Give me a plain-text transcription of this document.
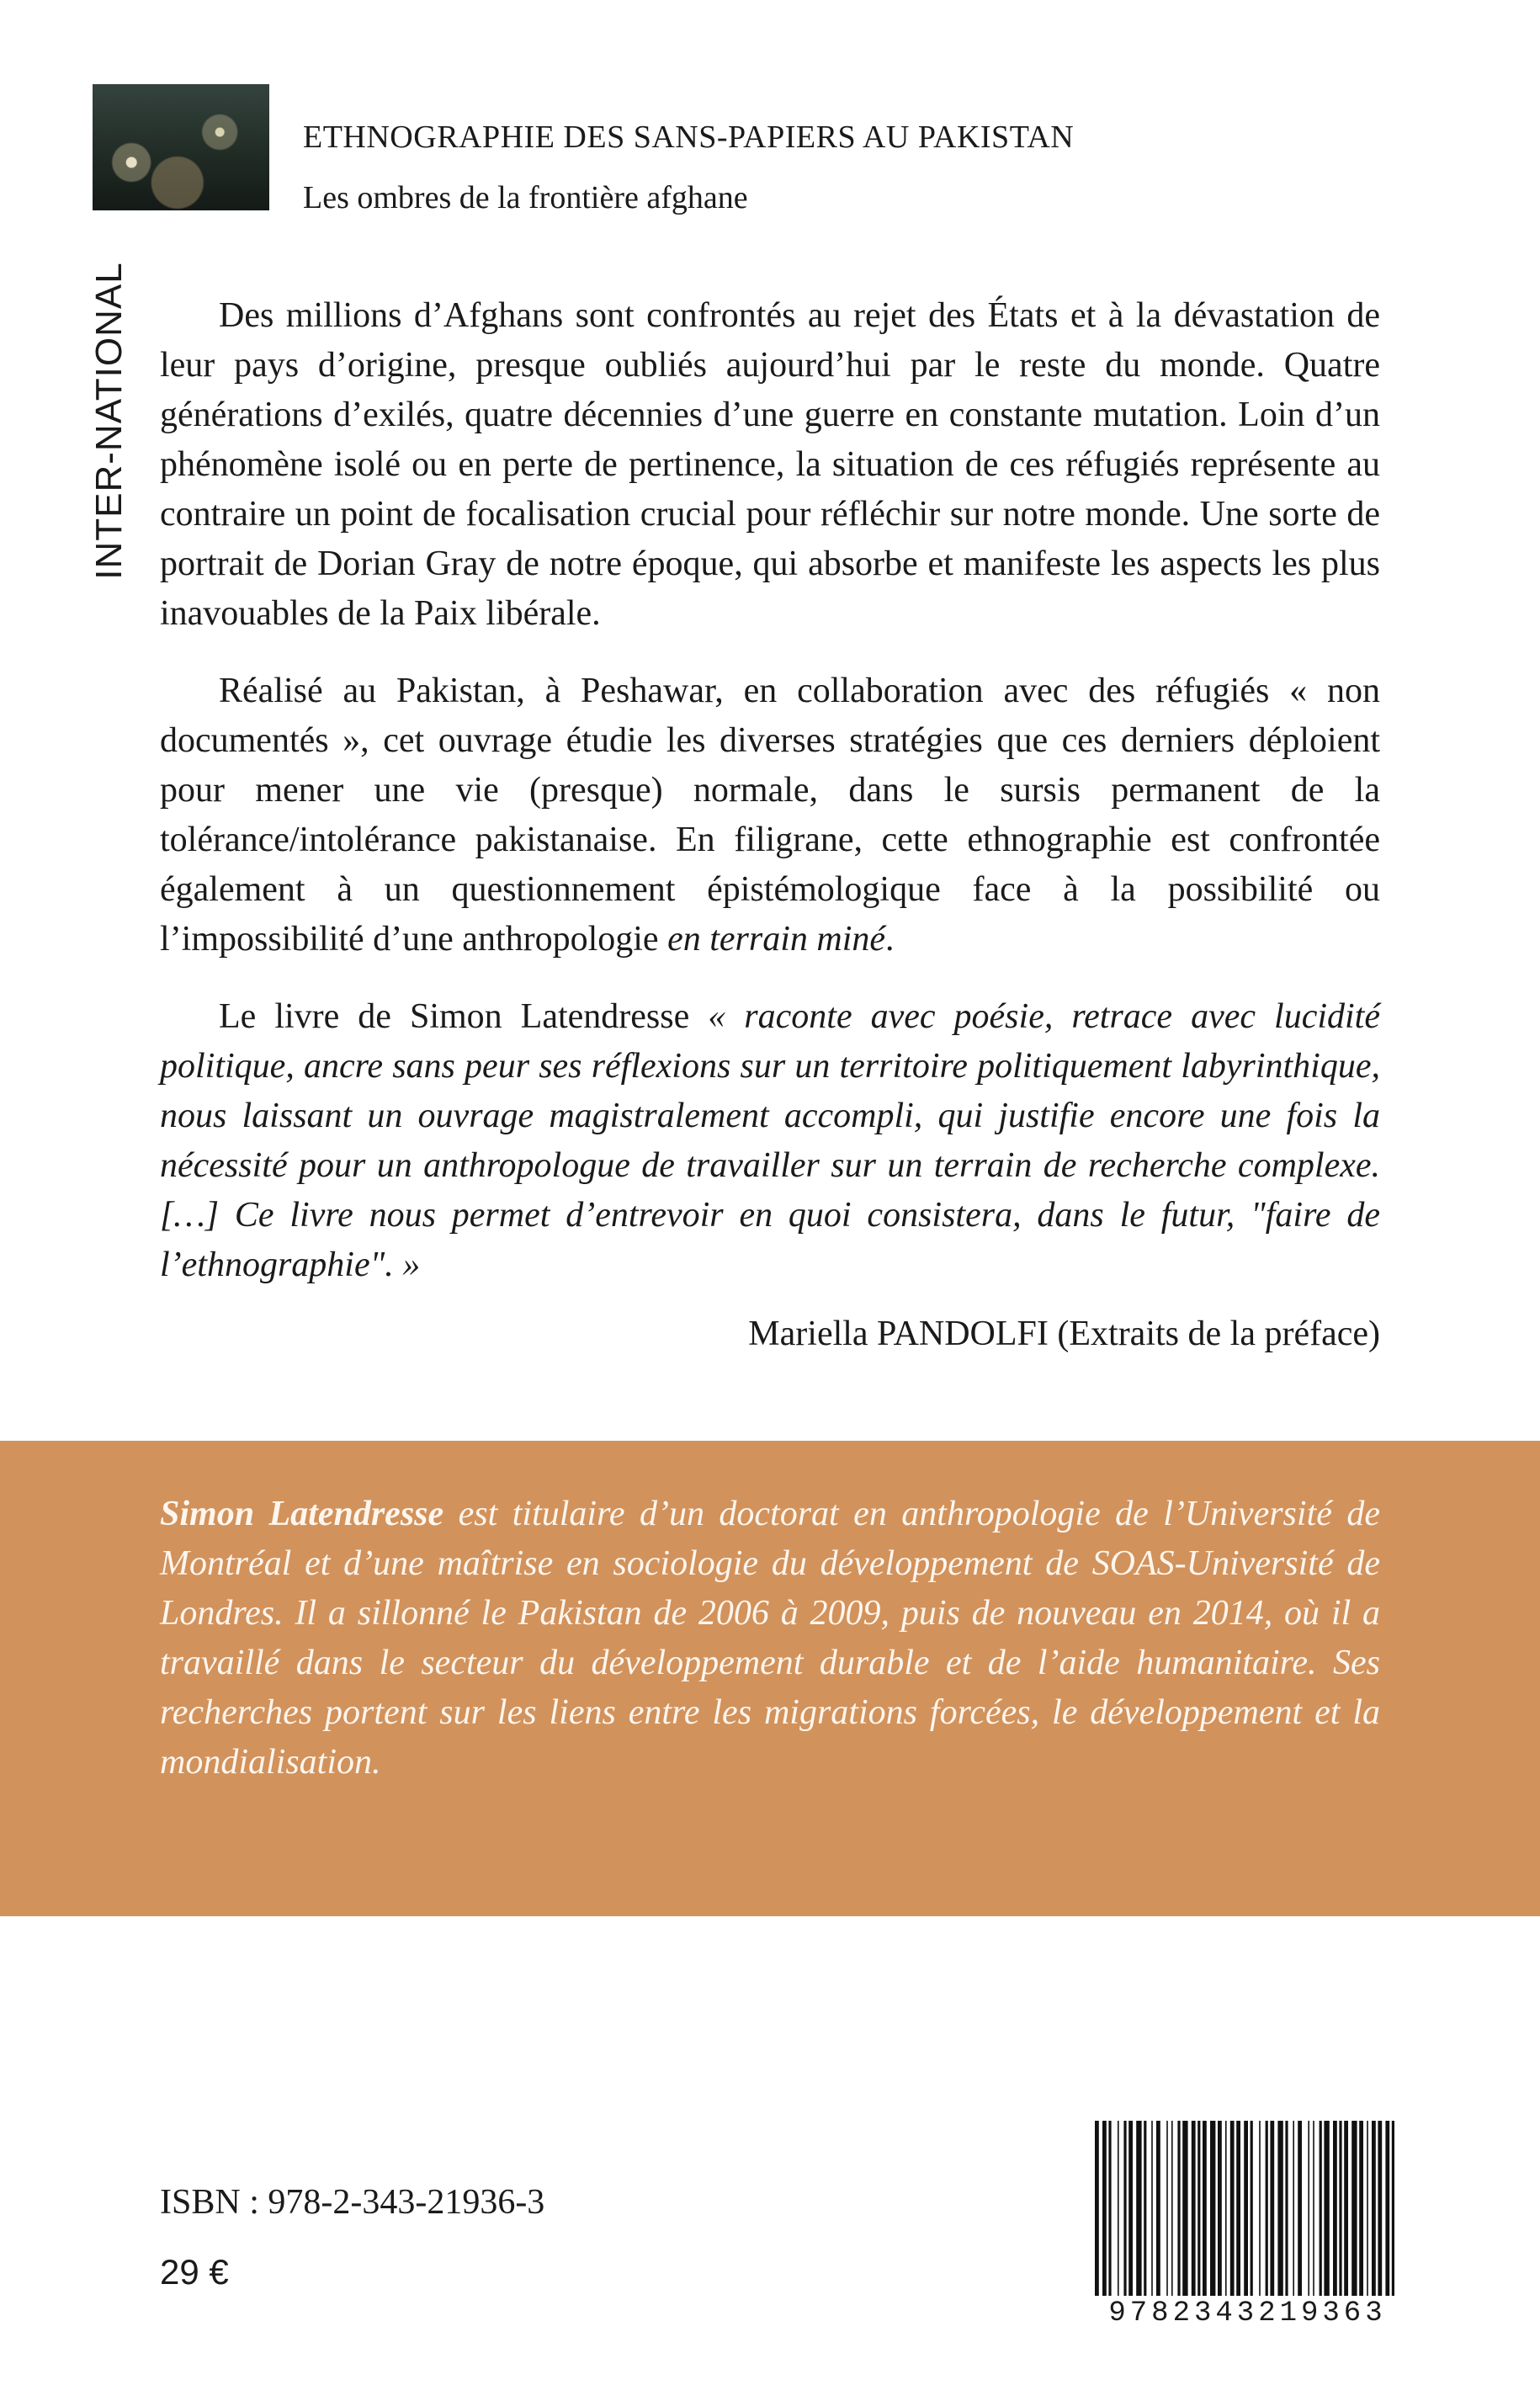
INTER-NATIONAL
ETHNOGRAPHIE DES SANS-PAPIERS AU PAKISTAN
Les ombres de la frontière afghane

Des millions d’Afghans sont confrontés au rejet des États et à la dévastation de leur pays d’origine, presque oubliés aujourd’hui par le reste du monde. Quatre générations d’exilés, quatre décennies d’une guerre en constante mutation. Loin d’un phénomène isolé ou en perte de pertinence, la situation de ces réfugiés représente au contraire un point de focalisation crucial pour réfléchir sur notre monde. Une sorte de portrait de Dorian Gray de notre époque, qui absorbe et manifeste les aspects les plus inavouables de la Paix libérale.

Réalisé au Pakistan, à Peshawar, en collaboration avec des réfugiés « non documentés », cet ouvrage étudie les diverses stratégies que ces derniers déploient pour mener une vie (presque) normale, dans le sursis permanent de la tolérance/intolérance pakistanaise. En filigrane, cette ethnographie est confrontée également à un questionnement épistémologique face à la possibilité ou l’impossibilité d’une anthropologie en terrain miné.

Le livre de Simon Latendresse « raconte avec poésie, retrace avec lucidité politique, ancre sans peur ses réflexions sur un territoire politiquement labyrinthique, nous laissant un ouvrage magistralement accompli, qui justifie encore une fois la nécessité pour un anthropologue de travailler sur un terrain de recherche complexe. […] Ce livre nous permet d’entrevoir en quoi consistera, dans le futur, "faire de l’ethnographie". »

Mariella PANDOLFI (Extraits de la préface)

Simon Latendresse est titulaire d’un doctorat en anthropologie de l’Université de Montréal et d’une maîtrise en sociologie du développement de SOAS-Université de Londres. Il a sillonné le Pakistan de 2006 à 2009, puis de nouveau en 2014, où il a travaillé dans le secteur du développement durable et de l’aide humanitaire. Ses recherches portent sur les liens entre les migrations forcées, le développement et la mondialisation.

ISBN : 978-2-343-21936-3
29 €
9782343219363
